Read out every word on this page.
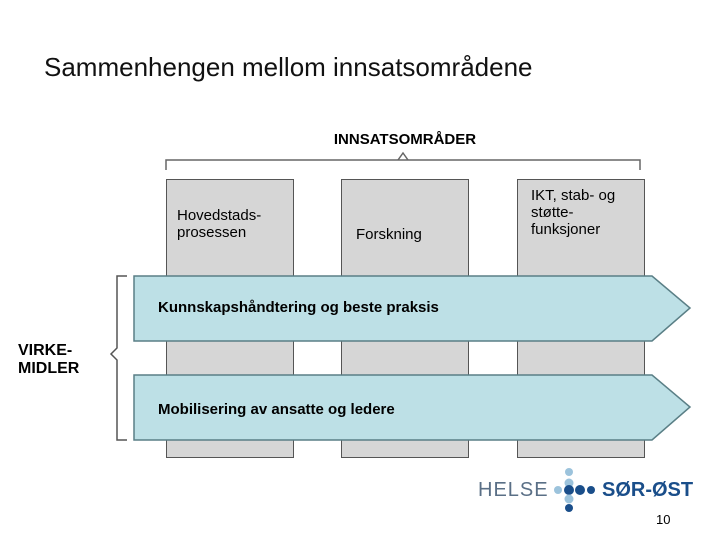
Sammenhengen mellom innsatsområdene
INNSATSOMRÅDER
Hovedstads-
prosessen	Forskning
IKT, stab- og
støtte-
funksjoner
Kunnskapshåndtering og beste praksis
Mobilisering av ansatte og ledere
VIRKE-
MIDLER
HELSE	SØR-ØST
10
